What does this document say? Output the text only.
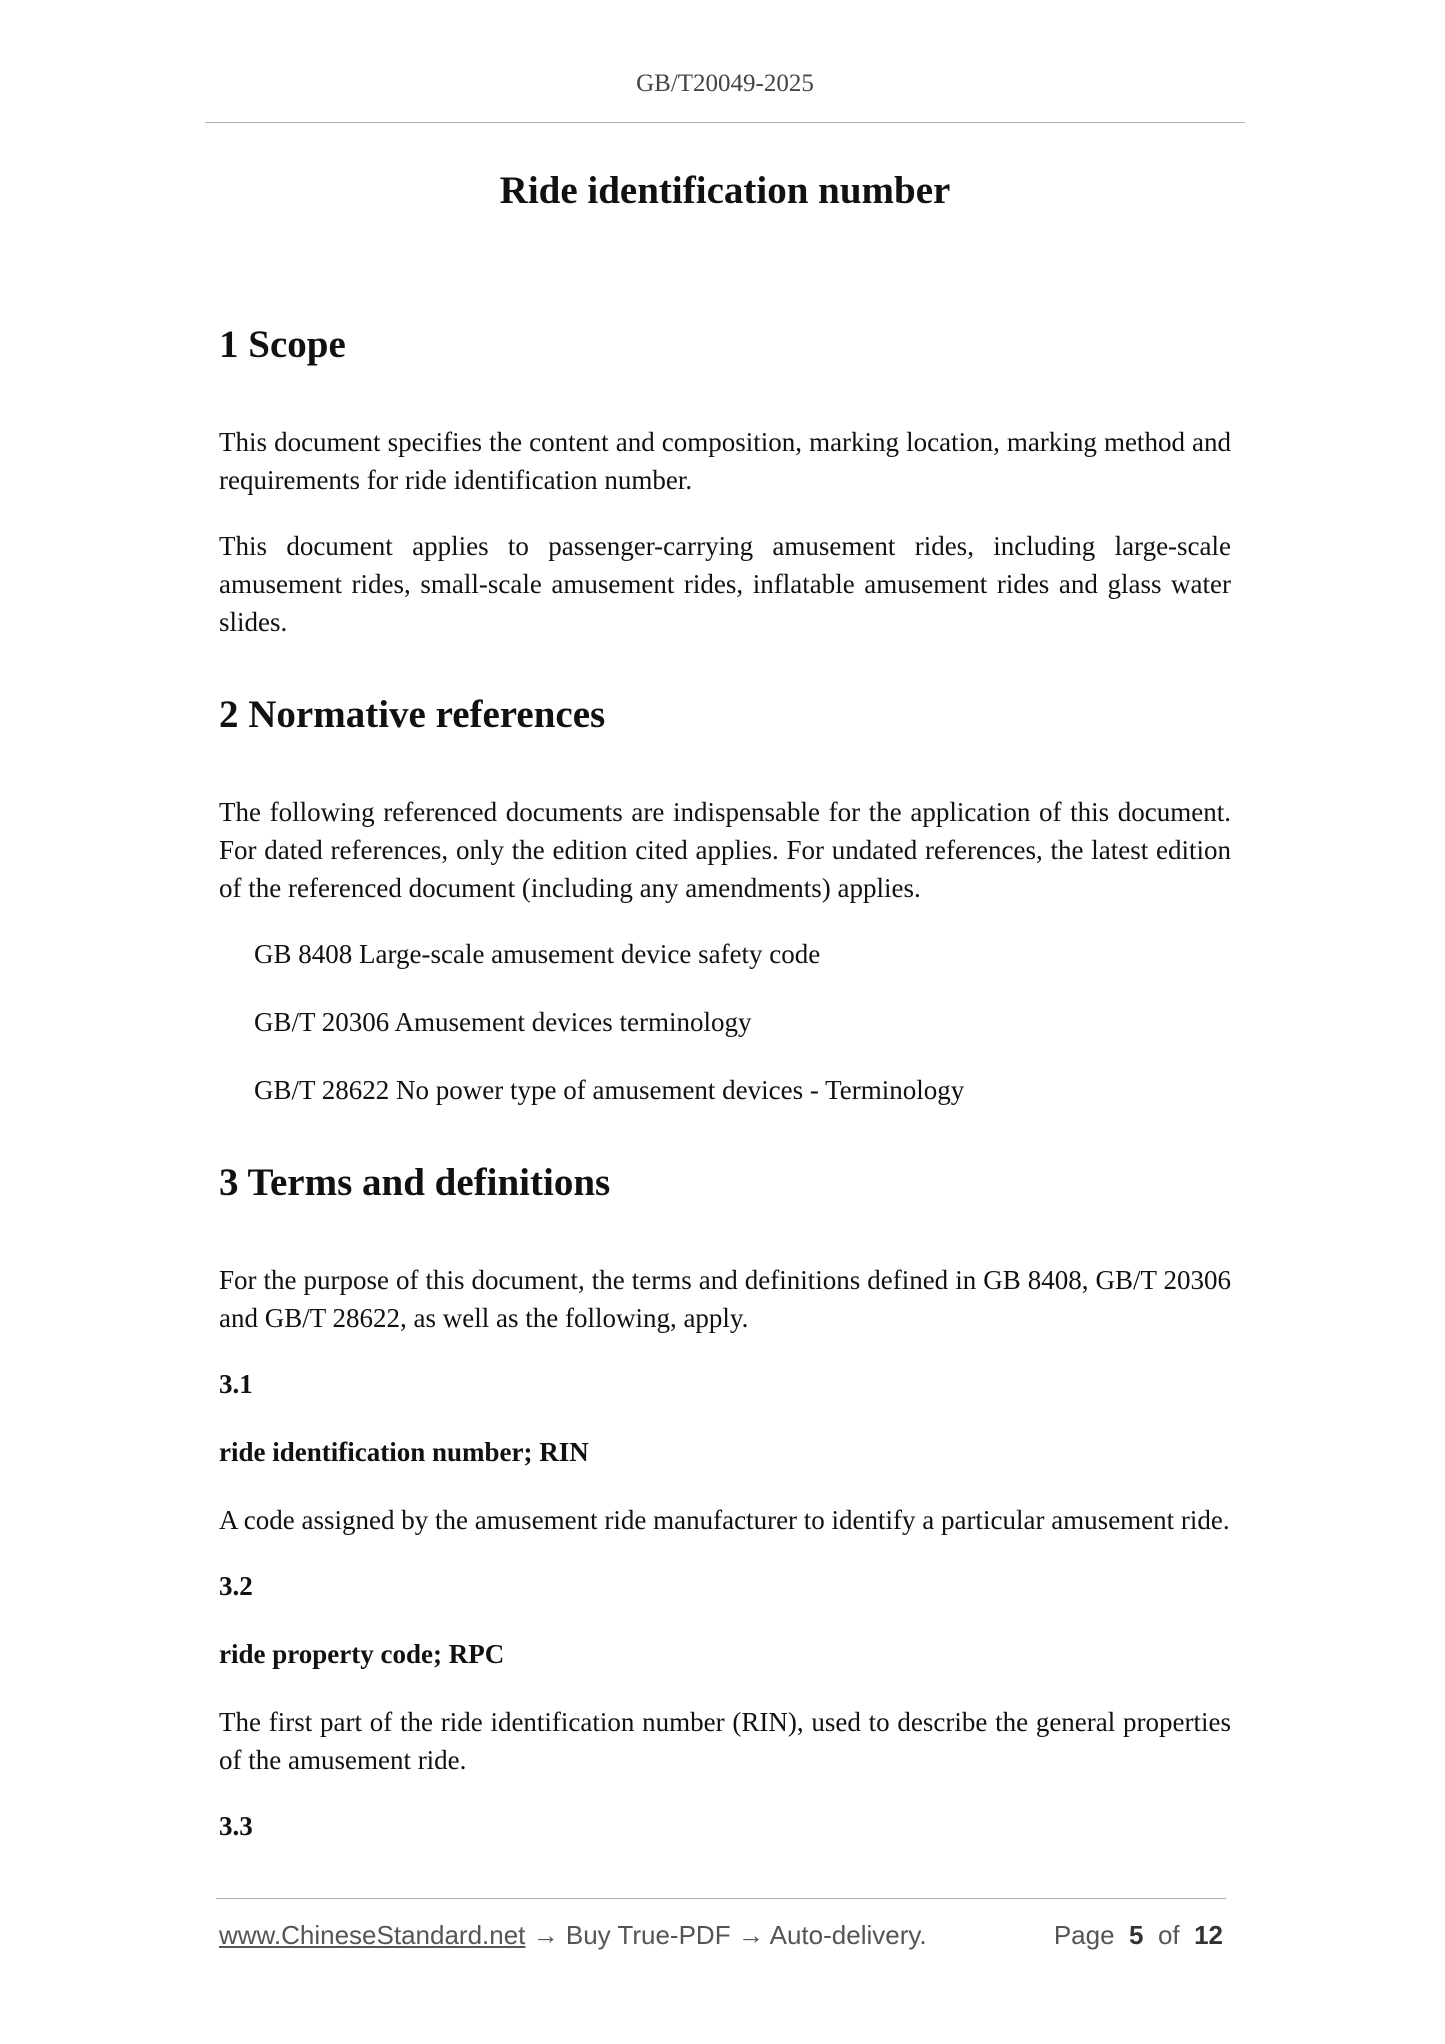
GB/T20049-2025
Ride identification number
1 Scope

This document specifies the content and composition, marking location, marking method and requirements for ride identification number.

This document applies to passenger-carrying amusement rides, including large-scale amusement rides, small-scale amusement rides, inflatable amusement rides and glass water slides.

2 Normative references

The following referenced documents are indispensable for the application of this document. For dated references, only the edition cited applies. For undated references, the latest edition of the referenced document (including any amendments) applies.

GB 8408 Large-scale amusement device safety code

GB/T 20306 Amusement devices terminology

GB/T 28622 No power type of amusement devices - Terminology

3 Terms and definitions

For the purpose of this document, the terms and definitions defined in GB 8408, GB/T 20306 and GB/T 28622, as well as the following, apply.

3.1

ride identification number; RIN

A code assigned by the amusement ride manufacturer to identify a particular amusement ride.

3.2

ride property code; RPC

The first part of the ride identification number (RIN), used to describe the general properties of the amusement ride.

3.3

www.ChineseStandard.net → Buy True-PDF → Auto-delivery.	Page 5 of 12
